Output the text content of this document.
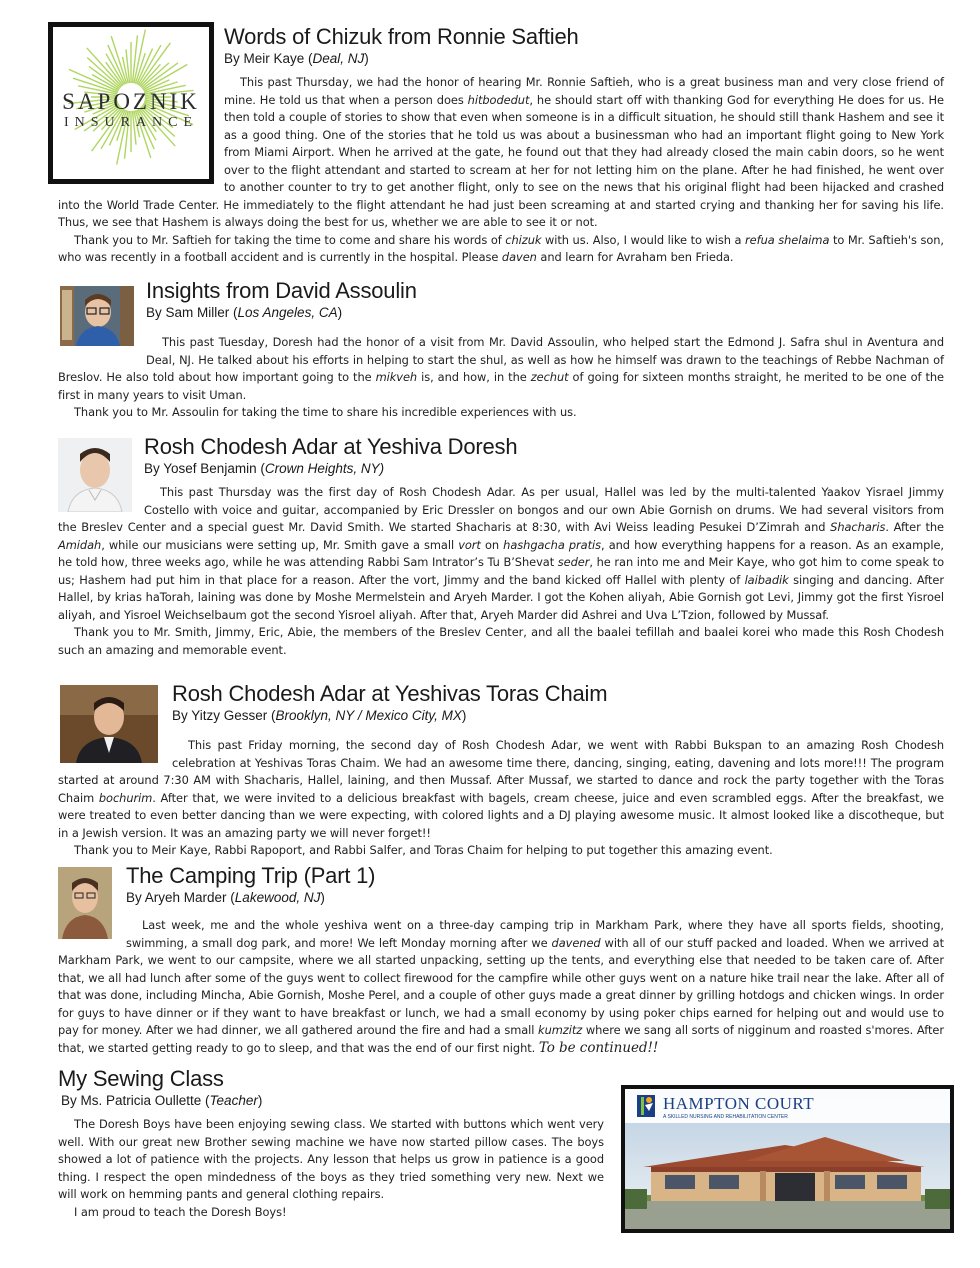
SAPOZNIK
INSURANCE
Words of Chizuk from Ronnie Saftieh
By Meir Kaye (Deal, NJ)

This past Thursday, we had the honor of hearing Mr. Ronnie Saftieh, who is a great business man and very close friend of mine. He told us that when a person does hitbodedut, he should start off with thanking God for everything He does for us. He then told a couple of stories to show that even when someone is in a difficult situation, he should still thank Hashem and see it as a good thing. One of the stories that he told us was about a businessman who had an important flight going to New York from Miami Airport. When he arrived at the gate, he found out that they had already closed the main cabin doors, so he went over to the flight attendant and started to scream at her for not letting him on the plane. After he had finished, he went over to another counter to try to get another flight, only to see on the news that his original flight had been hijacked and crashed into the World Trade Center. He immediately to the flight attendant he had just been screaming at and started crying and thanking her for saving his life. Thus, we see that Hashem is always doing the best for us, whether we are able to see it or not.

Thank you to Mr. Saftieh for taking the time to come and share his words of chizuk with us. Also, I would like to wish a refua shelaima to Mr. Saftieh's son, who was recently in a football accident and is currently in the hospital. Please daven and learn for Avraham ben Frieda.

Insights from David Assoulin
By Sam Miller (Los Angeles, CA)

This past Tuesday, Doresh had the honor of a visit from Mr. David Assoulin, who helped start the Edmond J. Safra shul in Aventura and Deal, NJ. He talked about his efforts in helping to start the shul, as well as how he himself was drawn to the teachings of Rebbe Nachman of Breslov. He also told about how important going to the mikveh is, and how, in the zechut of going for sixteen months straight, he merited to be one of the first in many years to visit Uman.

Thank you to Mr. Assoulin for taking the time to share his incredible experiences with us.

Rosh Chodesh Adar at Yeshiva Doresh
By Yosef Benjamin (Crown Heights, NY)

This past Thursday was the first day of Rosh Chodesh Adar. As per usual, Hallel was led by the multi-talented Yaakov Yisrael Jimmy Costello with voice and guitar, accompanied by Eric Dressler on bongos and our own Abie Gornish on drums. We had several visitors from the Breslev Center and a special guest Mr. David Smith. We started Shacharis at 8:30, with Avi Weiss leading Pesukei D’Zimrah and Shacharis. After the Amidah, while our musicians were setting up, Mr. Smith gave a small vort on hashgacha pratis, and how everything happens for a reason. As an example, he told how, three weeks ago, while he was attending Rabbi Sam Intrator’s Tu B’Shevat seder, he ran into me and Meir Kaye, who got him to come speak to us; Hashem had put him in that place for a reason. After the vort, Jimmy and the band kicked off Hallel with plenty of laibadik singing and dancing. After Hallel, by krias haTorah, laining was done by Moshe Mermelstein and Aryeh Marder. I got the Kohen aliyah, Abie Gornish got Levi, Jimmy got the first Yisroel aliyah, and Yisroel Weichselbaum got the second Yisroel aliyah. After that, Aryeh Marder did Ashrei and Uva L’Tzion, followed by Mussaf.

Thank you to Mr. Smith, Jimmy, Eric, Abie, the members of the Breslev Center, and all the baalei tefillah and baalei korei who made this Rosh Chodesh such an amazing and memorable event.

Rosh Chodesh Adar at Yeshivas Toras Chaim
By Yitzy Gesser (Brooklyn, NY / Mexico City, MX)

This past Friday morning, the second day of Rosh Chodesh Adar, we went with Rabbi Bukspan to an amazing Rosh Chodesh celebration at Yeshivas Toras Chaim. We had an awesome time there, dancing, singing, eating, davening and lots more!!! The program started at around 7:30 AM with Shacharis, Hallel, laining, and then Mussaf. After Mussaf, we started to dance and rock the party together with the Toras Chaim bochurim. After that, we were invited to a delicious breakfast with bagels, cream cheese, juice and even scrambled eggs. After the breakfast, we were treated to even better dancing than we were expecting, with colored lights and a DJ playing awesome music. It almost looked like a discotheque, but in a Jewish version. It was an amazing party we will never forget!!

Thank you to Meir Kaye, Rabbi Rapoport, and Rabbi Salfer, and Toras Chaim for helping to put together this amazing event.

The Camping Trip (Part 1)
By Aryeh Marder (Lakewood, NJ)

Last week, me and the whole yeshiva went on a three-day camping trip in Markham Park, where they have all sports fields, shooting, swimming, a small dog park, and more! We left Monday morning after we davened with all of our stuff packed and loaded. When we arrived at Markham Park, we went to our campsite, where we all started unpacking, setting up the tents, and everything else that needed to be taken care of. After that, we all had lunch after some of the guys went to collect firewood for the campfire while other guys went on a nature hike trail near the lake. After all of that was done, including Mincha, Abie Gornish, Moshe Perel, and a couple of other guys made a great dinner by grilling hotdogs and chicken wings. In order for guys to have dinner or if they want to have breakfast or lunch, we had a small economy by using poker chips earned for helping out and would use to pay for money. After we had dinner, we all gathered around the fire and had a small kumzitz where we sang all sorts of nigginum and roasted s'mores. After that, we started getting ready to go to sleep, and that was the end of our first night. To be continued!!

My Sewing Class
By Ms. Patricia Oullette (Teacher)

The Doresh Boys have been enjoying sewing class. We started with buttons which went very well. With our great new Brother sewing machine we have now started pillow cases. The boys showed a lot of patience with the projects. Any lesson that helps us grow in patience is a good thing. I respect the open mindedness of the boys as they tried something very new. Next we will work on hemming pants and general clothing repairs.

I am proud to teach the Doresh Boys!

HAMPTON COURT
A SKILLED NURSING AND REHABILITATION CENTER
